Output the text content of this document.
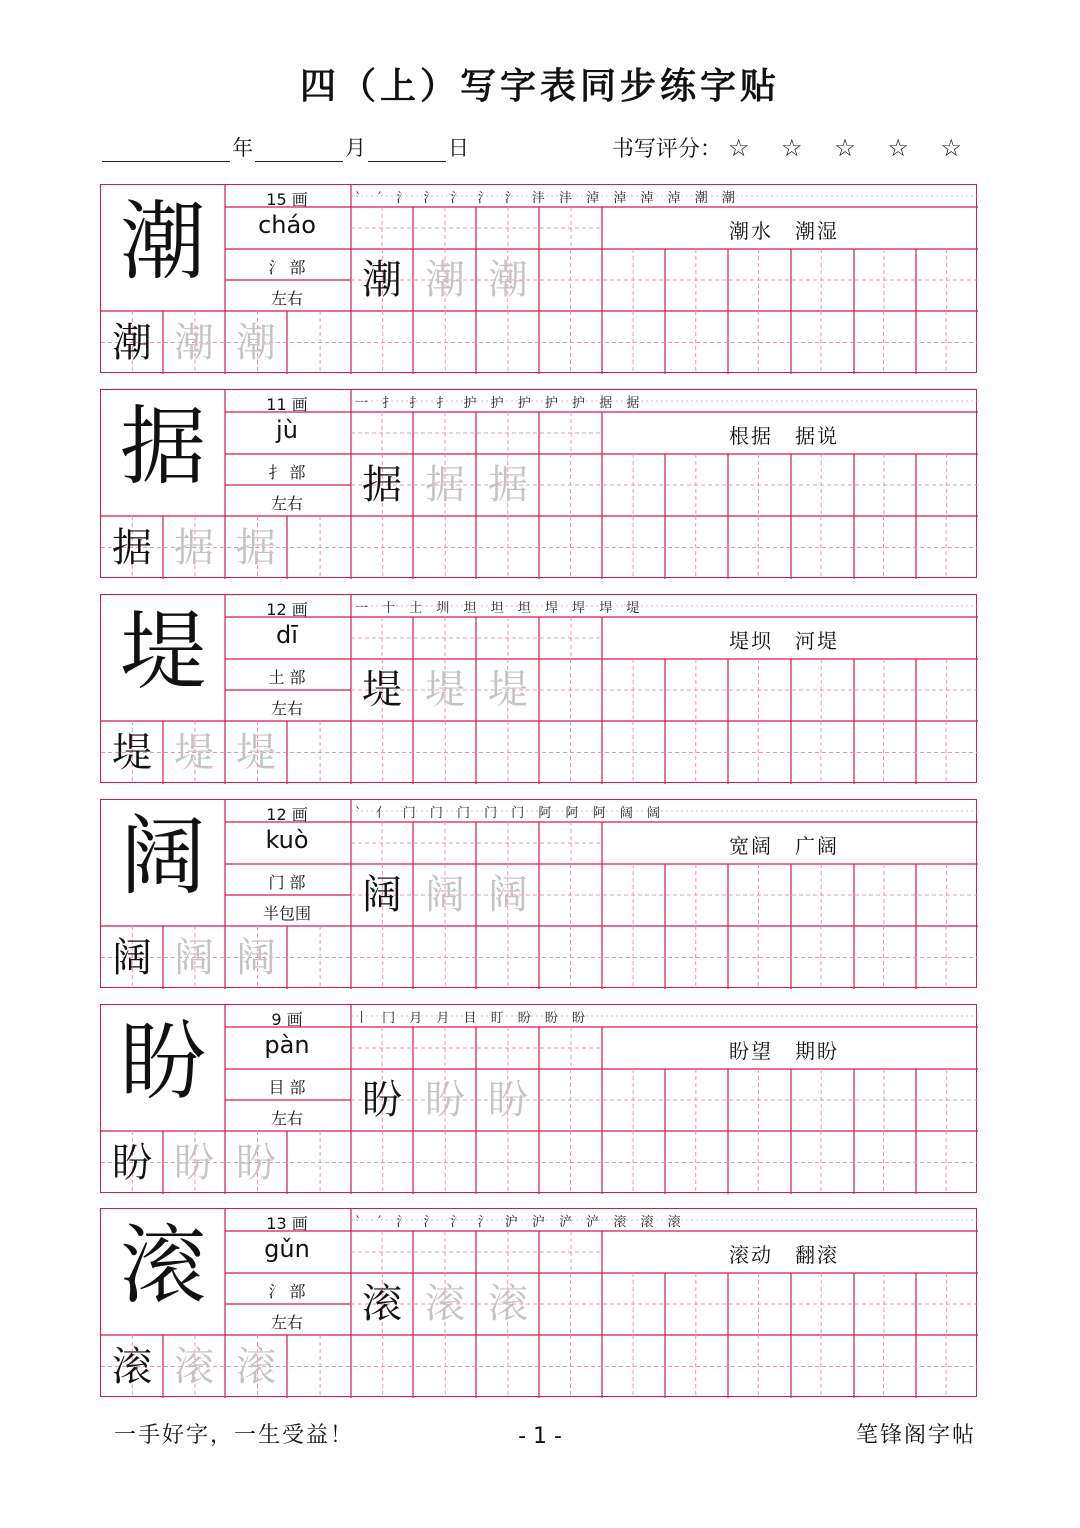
四（上）写字表同步练字贴
年	月	日	书写评分： ☆ ☆ ☆ ☆ ☆
潮	15 画
cháo
氵 部
左右
` ˊ 氵 氵 氵 氵 氵 沣 沣 淖 淖 淖 淖 潮 潮
潮水 潮湿
潮 潮 潮
潮 潮 潮
据	11 画
jù
扌 部
左右
一 扌 扌 扌 护 护 护 护 护 据 据
根据 据说
据 据 据
据 据 据
堤	12 画
dī
土 部
左右
一 十 土 圳 坦 坦 坦 垾 垾 垾 堤
堤坝 河堤
堤 堤 堤
堤 堤 堤
阔	12 画
kuò
门 部
半包围
` 亻 门 门 门 门 门 阿 阿 阿 阔 阔
宽阔 广阔
阔 阔 阔
阔 阔 阔
盼	9 画
pàn
目 部
左右
丨 冂 月 月 目 盯 盼 盼 盼
盼望 期盼
盼 盼 盼
盼 盼 盼
滚	13 画
gǔn
氵 部
左右
` ˊ 氵 氵 氵 氵 沪 沪 浐 浐 滚 滚 滚
滚动 翻滚
滚 滚 滚
滚 滚 滚
一手好字，一生受益！	- 1 -	笔锋阁字帖
